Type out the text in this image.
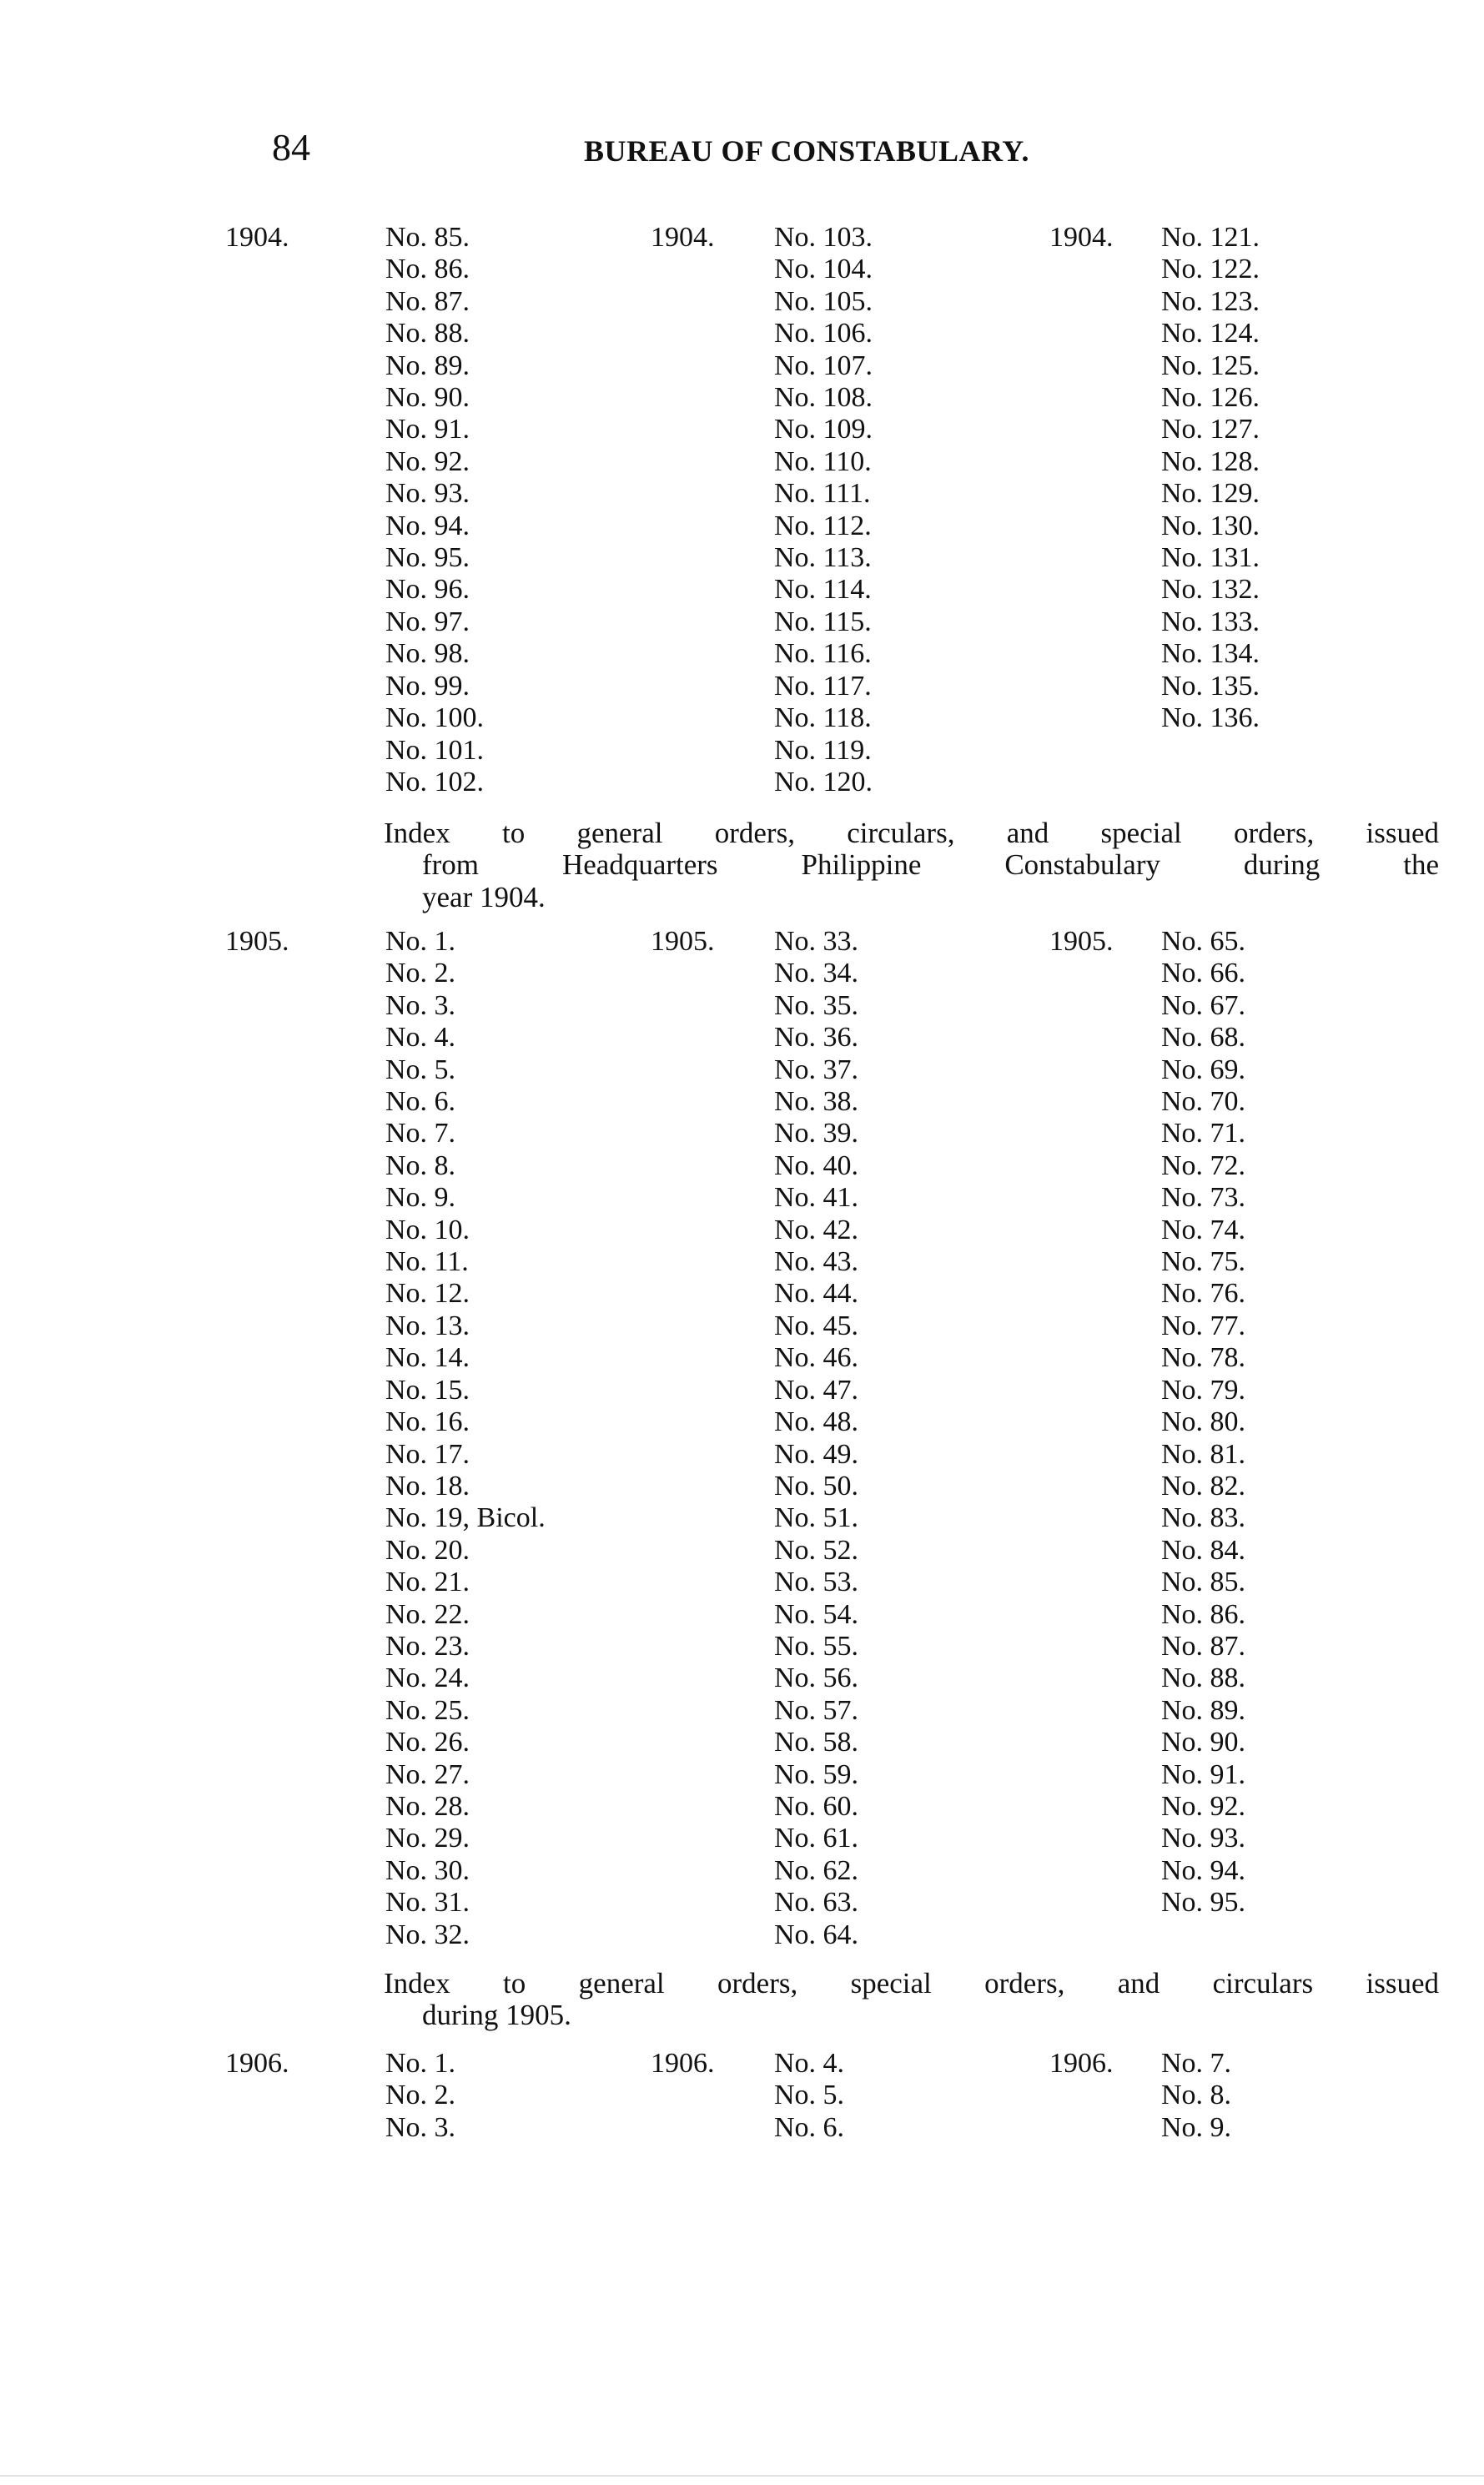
84	BUREAU OF CONSTABULARY.
1904.	No. 85.
No. 86.
No. 87.
No. 88.
No. 89.
No. 90.
No. 91.
No. 92.
No. 93.
No. 94.
No. 95.
No. 96.
No. 97.
No. 98.
No. 99.
No. 100.
No. 101.
No. 102.
1904. No. 103.
No. 104.
No. 105.
No. 106.
No. 107.
No. 108.
No. 109.
No. 110.
No. 111.
No. 112.
No. 113.
No. 114.
No. 115.
No. 116.
No. 117.
No. 118.
No. 119.
No. 120.
1904. No. 121.
No. 122.
No. 123.
No. 124.
No. 125.
No. 126.
No. 127.
No. 128.
No. 129.
No. 130.
No. 131.
No. 132.
No. 133.
No. 134.
No. 135.
No. 136.
Index to general orders, circulars, and special orders, issued
from Headquarters Philippine Constabulary during the
year 1904.
1905.	No. 1.
No. 2.
No. 3.
No. 4.
No. 5.
No. 6.
No. 7.
No. 8.
No. 9.
No. 10.
No. 11.
No. 12.
No. 13.
No. 14.
No. 15.
No. 16.
No. 17.
No. 18.
No. 19, Bicol.
No. 20.
No. 21.
No. 22.
No. 23.
No. 24.
No. 25.
No. 26.
No. 27.
No. 28.
No. 29.
No. 30.
No. 31.
No. 32.
1905. No. 33.
No. 34.
No. 35.
No. 36.
No. 37.
No. 38.
No. 39.
No. 40.
No. 41.
No. 42.
No. 43.
No. 44.
No. 45.
No. 46.
No. 47.
No. 48.
No. 49.
No. 50.
No. 51.
No. 52.
No. 53.
No. 54.
No. 55.
No. 56.
No. 57.
No. 58.
No. 59.
No. 60.
No. 61.
No. 62.
No. 63.
No. 64.
1905. No. 65.
No. 66.
No. 67.
No. 68.
No. 69.
No. 70.
No. 71.
No. 72.
No. 73.
No. 74.
No. 75.
No. 76.
No. 77.
No. 78.
No. 79.
No. 80.
No. 81.
No. 82.
No. 83.
No. 84.
No. 85.
No. 86.
No. 87.
No. 88.
No. 89.
No. 90.
No. 91.
No. 92.
No. 93.
No. 94.
No. 95.
Index to general orders, special orders, and circulars issued
during 1905.
1906.	No. 1.
No. 2.
No. 3.
1906. No. 4.
No. 5.
No. 6.
1906. No. 7.
No. 8.
No. 9.
